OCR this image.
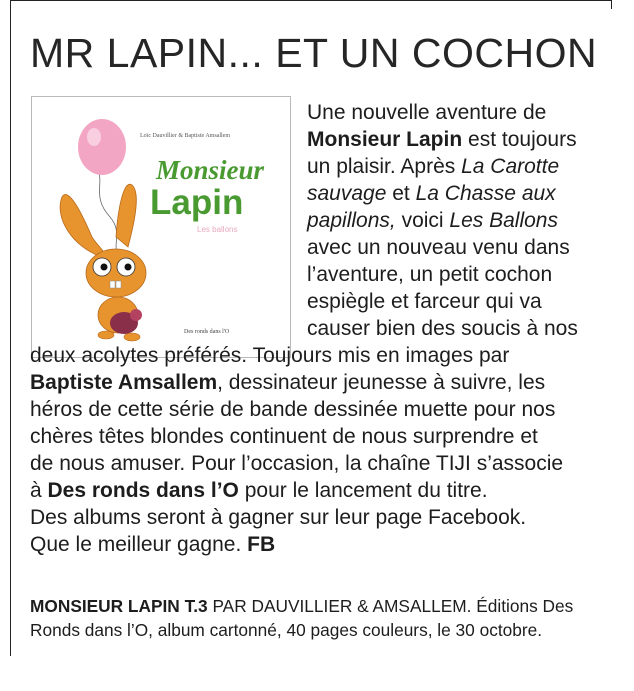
MR LAPIN... ET UN COCHON
Loïc Dauvillier & Baptiste Amsallem
Monsieur
Lapin
Les ballons
Des ronds dans l'O

Une nouvelle aventure de

Monsieur Lapin est toujours

un plaisir. Après La Carotte

sauvage et La Chasse aux

papillons, voici Les Ballons

avec un nouveau venu dans

l’aventure, un petit cochon

espiègle et farceur qui va

causer bien des soucis à nos

deux acolytes préférés. Toujours mis en images par

Baptiste Amsallem, dessinateur jeunesse à suivre, les

héros de cette série de bande dessinée muette pour nos

chères têtes blondes continuent de nous surprendre et

de nous amuser. Pour l’occasion, la chaîne TIJI s’associe

à Des ronds dans l’O pour le lancement du titre.

Des albums seront à gagner sur leur page Facebook.

Que le meilleur gagne. FB

MONSIEUR LAPIN T.3 PAR DAUVILLIER & AMSALLEM. Éditions Des Ronds dans l’O, album cartonné, 40 pages couleurs, le 30 octobre.
